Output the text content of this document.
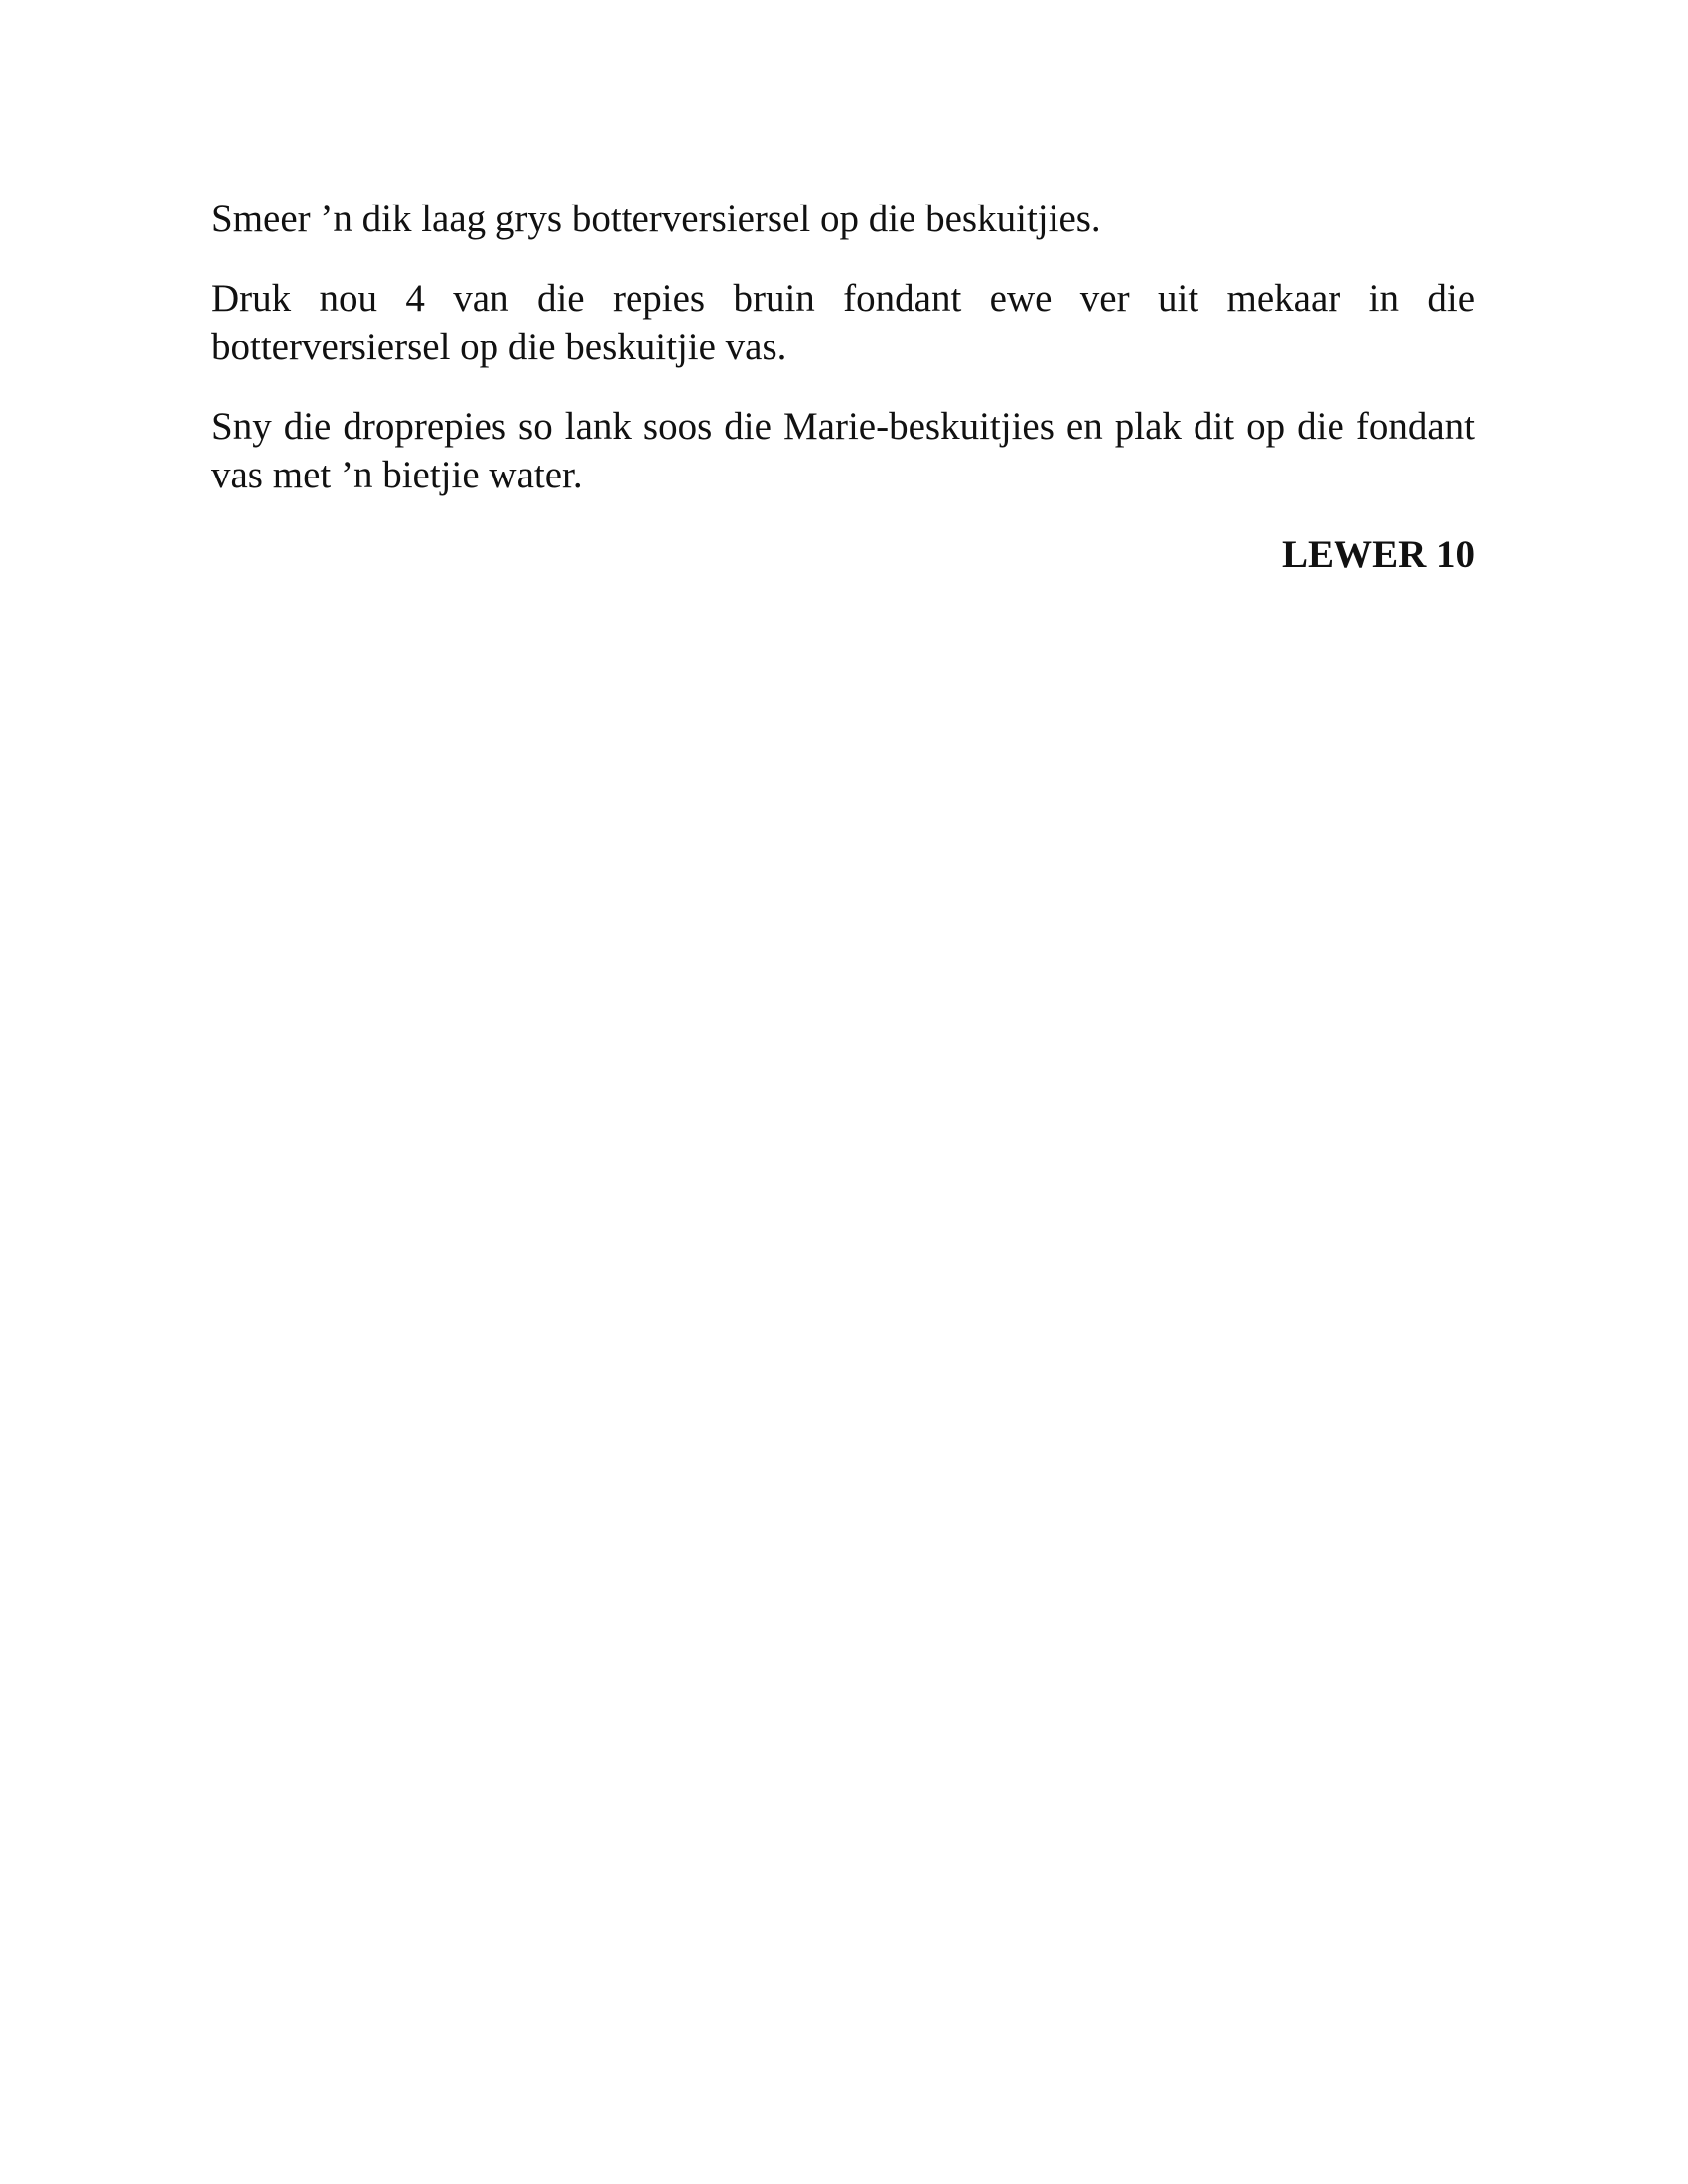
Smeer ’n dik laag grys botterversiersel op die beskuitjies.

Druk nou 4 van die repies bruin fondant ewe ver uit mekaar in die botterversiersel op die beskuitjie vas.

Sny die droprepies so lank soos die Marie-beskuitjies en plak dit op die fondant vas met ’n bietjie water.

LEWER 10
